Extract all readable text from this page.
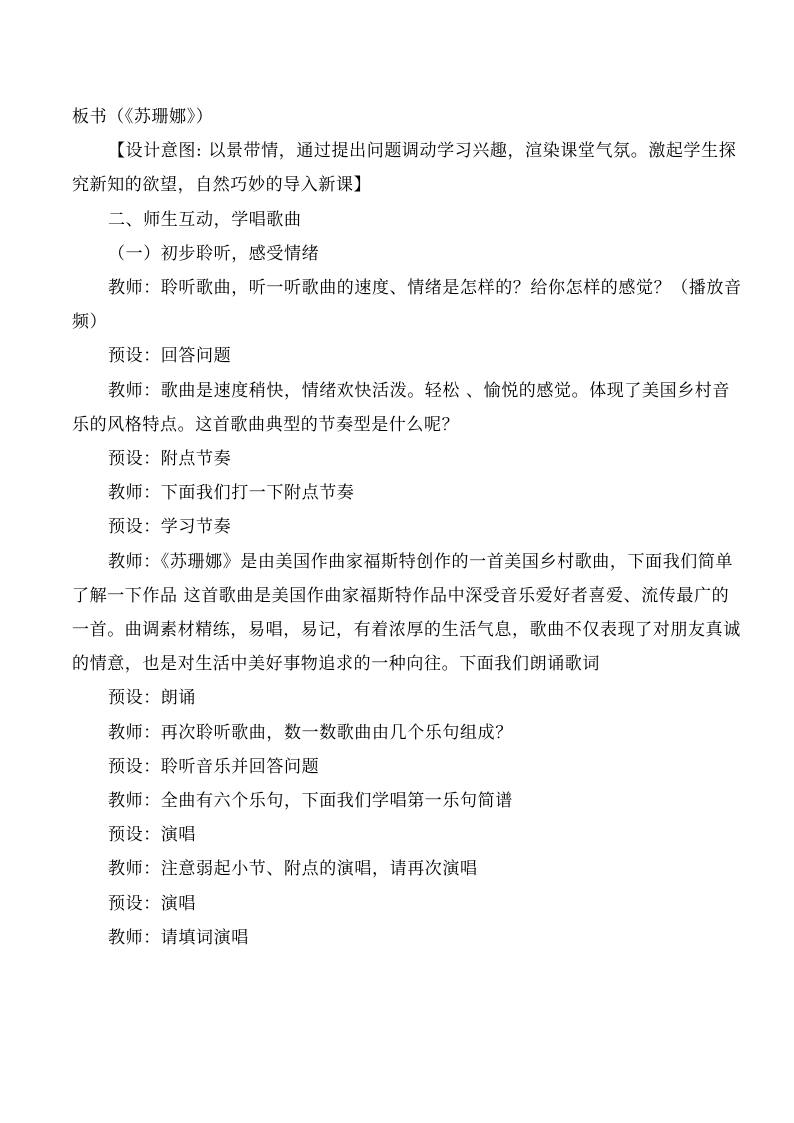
板书（《苏珊娜》）

【设计意图: 以景带情，通过提出问题调动学习兴趣，渲染课堂气氛。激起学生探究新知的欲望，自然巧妙的导入新课】

二、师生互动，学唱歌曲

（一）初步聆听，感受情绪

教师：聆听歌曲，听一听歌曲的速度、情绪是怎样的？给你怎样的感觉？（播放音频）

预设：回答问题

教师：歌曲是速度稍快，情绪欢快活泼。轻松 、愉悦的感觉。体现了美国乡村音乐的风格特点。这首歌曲典型的节奏型是什么呢？

预设：附点节奏

教师：下面我们打一下附点节奏

预设：学习节奏

教师：《苏珊娜》是由美国作曲家福斯特创作的一首美国乡村歌曲，下面我们简单了解一下作品 这首歌曲是美国作曲家福斯特作品中深受音乐爱好者喜爱、流传最广的一首。曲调素材精练，易唱，易记，有着浓厚的生活气息，歌曲不仅表现了对朋友真诚的情意，也是对生活中美好事物追求的一种向往。下面我们朗诵歌词

预设：朗诵

教师：再次聆听歌曲，数一数歌曲由几个乐句组成？

预设：聆听音乐并回答问题

教师：全曲有六个乐句，下面我们学唱第一乐句简谱

预设：演唱

教师：注意弱起小节、附点的演唱，请再次演唱

预设：演唱

教师：请填词演唱
